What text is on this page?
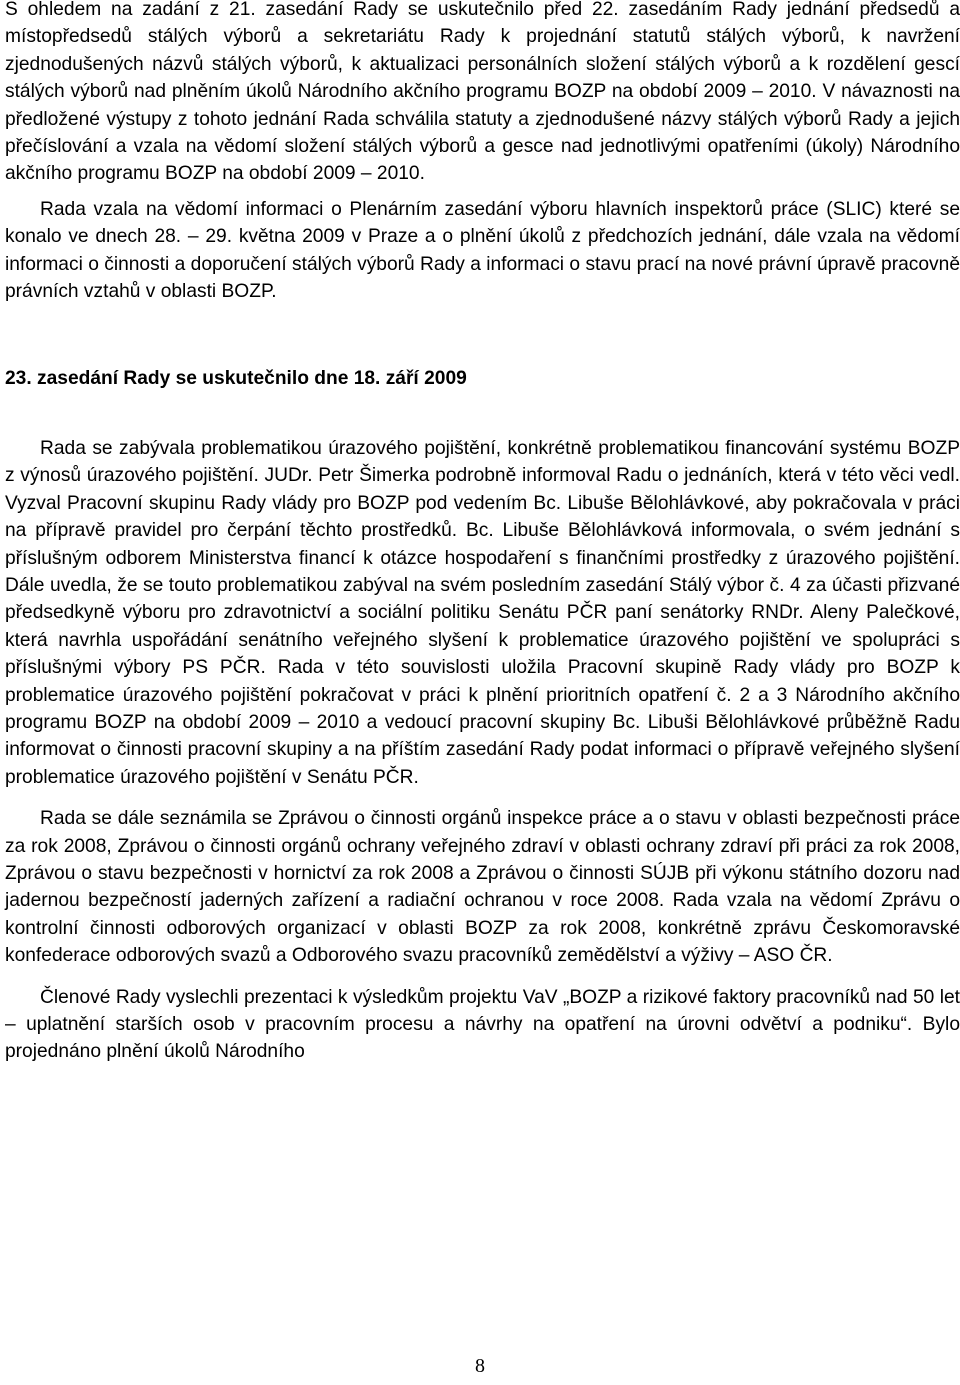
S ohledem na zadání z 21. zasedání Rady se uskutečnilo před 22. zasedáním Rady jednání předsedů a místopředsedů stálých výborů a sekretariátu Rady k projednání statutů stálých výborů, k navržení zjednodušených názvů stálých výborů, k aktualizaci personálních složení stálých výborů a k rozdělení gescí stálých výborů nad plněním úkolů Národního akčního programu BOZP na období 2009 – 2010. V návaznosti na předložené výstupy z tohoto jednání Rada schválila statuty a zjednodušené názvy stálých výborů Rady a jejich přečíslování a vzala na vědomí složení stálých výborů a gesce nad jednotlivými opatřeními (úkoly) Národního akčního programu BOZP na období 2009 – 2010.

Rada vzala na vědomí informaci o Plenárním zasedání výboru hlavních inspektorů práce (SLIC) které se konalo ve dnech 28. – 29. května 2009 v Praze a o plnění úkolů z předchozích jednání, dále vzala na vědomí informaci o činnosti a doporučení stálých výborů Rady a informaci o stavu prací na nové právní úpravě pracovně právních vztahů v oblasti BOZP.

23. zasedání Rady se uskutečnilo dne 18. září 2009

Rada se zabývala problematikou úrazového pojištění, konkrétně problematikou financování systému BOZP z výnosů úrazového pojištění. JUDr. Petr Šimerka podrobně informoval Radu o jednáních, která v této věci vedl. Vyzval Pracovní skupinu Rady vlády pro BOZP pod vedením Bc. Libuše Bělohlávkové, aby pokračovala v práci na přípravě pravidel pro čerpání těchto prostředků. Bc. Libuše Bělohlávková informovala, o svém jednání s příslušným odborem Ministerstva financí k otázce hospodaření s finančními prostředky z úrazového pojištění. Dále uvedla, že se touto problematikou zabýval na svém posledním zasedání Stálý výbor č. 4 za účasti přizvané předsedkyně výboru pro zdravotnictví a sociální politiku Senátu PČR paní senátorky RNDr. Aleny Palečkové, která navrhla uspořádání senátního veřejného slyšení k problematice úrazového pojištění ve spolupráci s příslušnými výbory PS PČR. Rada v této souvislosti uložila Pracovní skupině Rady vlády pro BOZP k problematice úrazového pojištění pokračovat v práci k plnění prioritních opatření č. 2 a 3 Národního akčního programu BOZP na období 2009 – 2010 a vedoucí pracovní skupiny Bc. Libuši Bělohlávkové průběžně Radu informovat o činnosti pracovní skupiny a na příštím zasedání Rady podat informaci o přípravě veřejného slyšení problematice úrazového pojištění v Senátu PČR.

Rada se dále seznámila se Zprávou o činnosti orgánů inspekce práce a o stavu v oblasti bezpečnosti práce za rok 2008, Zprávou o činnosti orgánů ochrany veřejného zdraví v oblasti ochrany zdraví při práci za rok 2008, Zprávou o stavu bezpečnosti v hornictví za rok 2008 a Zprávou o činnosti SÚJB při výkonu státního dozoru nad jadernou bezpečností jaderných zařízení a radiační ochranou v roce 2008. Rada vzala na vědomí Zprávu o kontrolní činnosti odborových organizací v oblasti BOZP za rok 2008, konkrétně zprávu Českomoravské konfederace odborových svazů a Odborového svazu pracovníků zemědělství a výživy – ASO ČR.

Členové Rady vyslechli prezentaci k výsledkům projektu VaV „BOZP a rizikové faktory pracovníků nad 50 let – uplatnění starších osob v pracovním procesu a návrhy na opatření na úrovni odvětví a podniku“. Bylo projednáno plnění úkolů Národního

8
